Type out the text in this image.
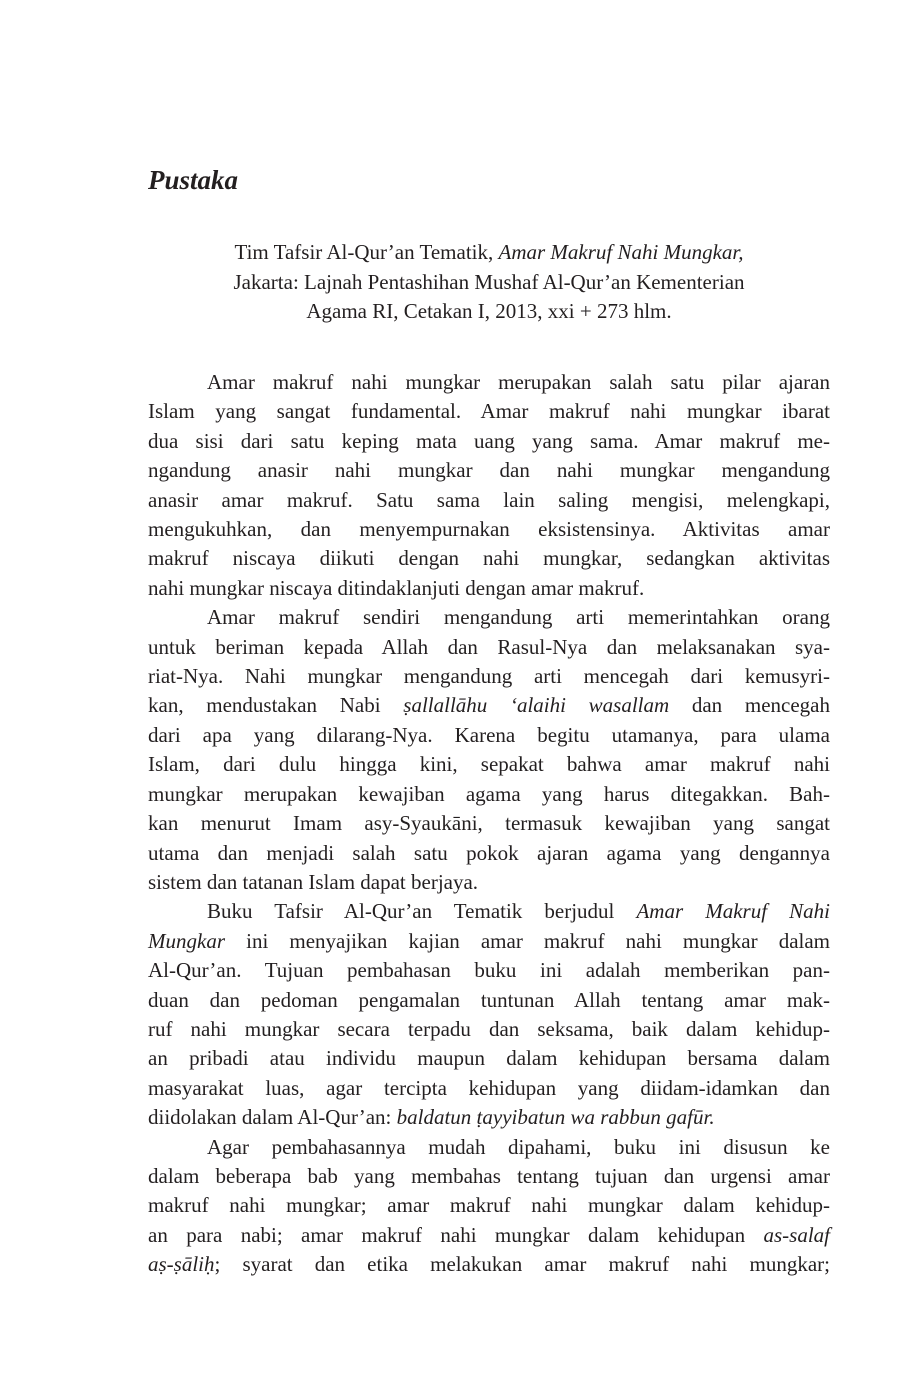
Pustaka
Tim Tafsir Al-Qur’an Tematik, Amar Makruf Nahi Mungkar,
Jakarta: Lajnah Pentashihan Mushaf Al-Qur’an Kementerian
Agama RI, Cetakan I, 2013, xxi + 273 hlm.

Amar makruf nahi mungkar merupakan salah satu pilar ajaran
Islam yang sangat fundamental. Amar makruf nahi mungkar ibarat
dua sisi dari satu keping mata uang yang sama. Amar makruf me-
ngandung anasir nahi mungkar dan nahi mungkar mengandung
anasir amar makruf. Satu sama lain saling mengisi, melengkapi,
mengukuhkan, dan menyempurnakan eksistensinya. Aktivitas amar
makruf niscaya diikuti dengan nahi mungkar, sedangkan aktivitas
nahi mungkar niscaya ditindaklanjuti dengan amar makruf.

Amar makruf sendiri mengandung arti memerintahkan orang
untuk beriman kepada Allah dan Rasul-Nya dan melaksanakan sya-
riat-Nya. Nahi mungkar mengandung arti mencegah dari kemusyri-
kan, mendustakan Nabi ṣallallāhu ‘alaihi wasallam dan mencegah
dari apa yang dilarang-Nya. Karena begitu utamanya, para ulama
Islam, dari dulu hingga kini, sepakat bahwa amar makruf nahi
mungkar merupakan kewajiban agama yang harus ditegakkan. Bah-
kan menurut Imam asy-Syaukāni, termasuk kewajiban yang sangat
utama dan menjadi salah satu pokok ajaran agama yang dengannya
sistem dan tatanan Islam dapat berjaya.

Buku Tafsir Al-Qur’an Tematik berjudul Amar Makruf Nahi
Mungkar ini menyajikan kajian amar makruf nahi mungkar dalam
Al-Qur’an. Tujuan pembahasan buku ini adalah memberikan pan-
duan dan pedoman pengamalan tuntunan Allah tentang amar mak-
ruf nahi mungkar secara terpadu dan seksama, baik dalam kehidup-
an pribadi atau individu maupun dalam kehidupan bersama dalam
masyarakat luas, agar tercipta kehidupan yang diidam-idamkan dan
diidolakan dalam Al-Qur’an: baldatun ṭayyibatun wa rabbun gafūr.

Agar pembahasannya mudah dipahami, buku ini disusun ke
dalam beberapa bab yang membahas tentang tujuan dan urgensi amar
makruf nahi mungkar; amar makruf nahi mungkar dalam kehidup-
an para nabi; amar makruf nahi mungkar dalam kehidupan as-salaf
aṣ-ṣāliḥ; syarat dan etika melakukan amar makruf nahi mungkar;
